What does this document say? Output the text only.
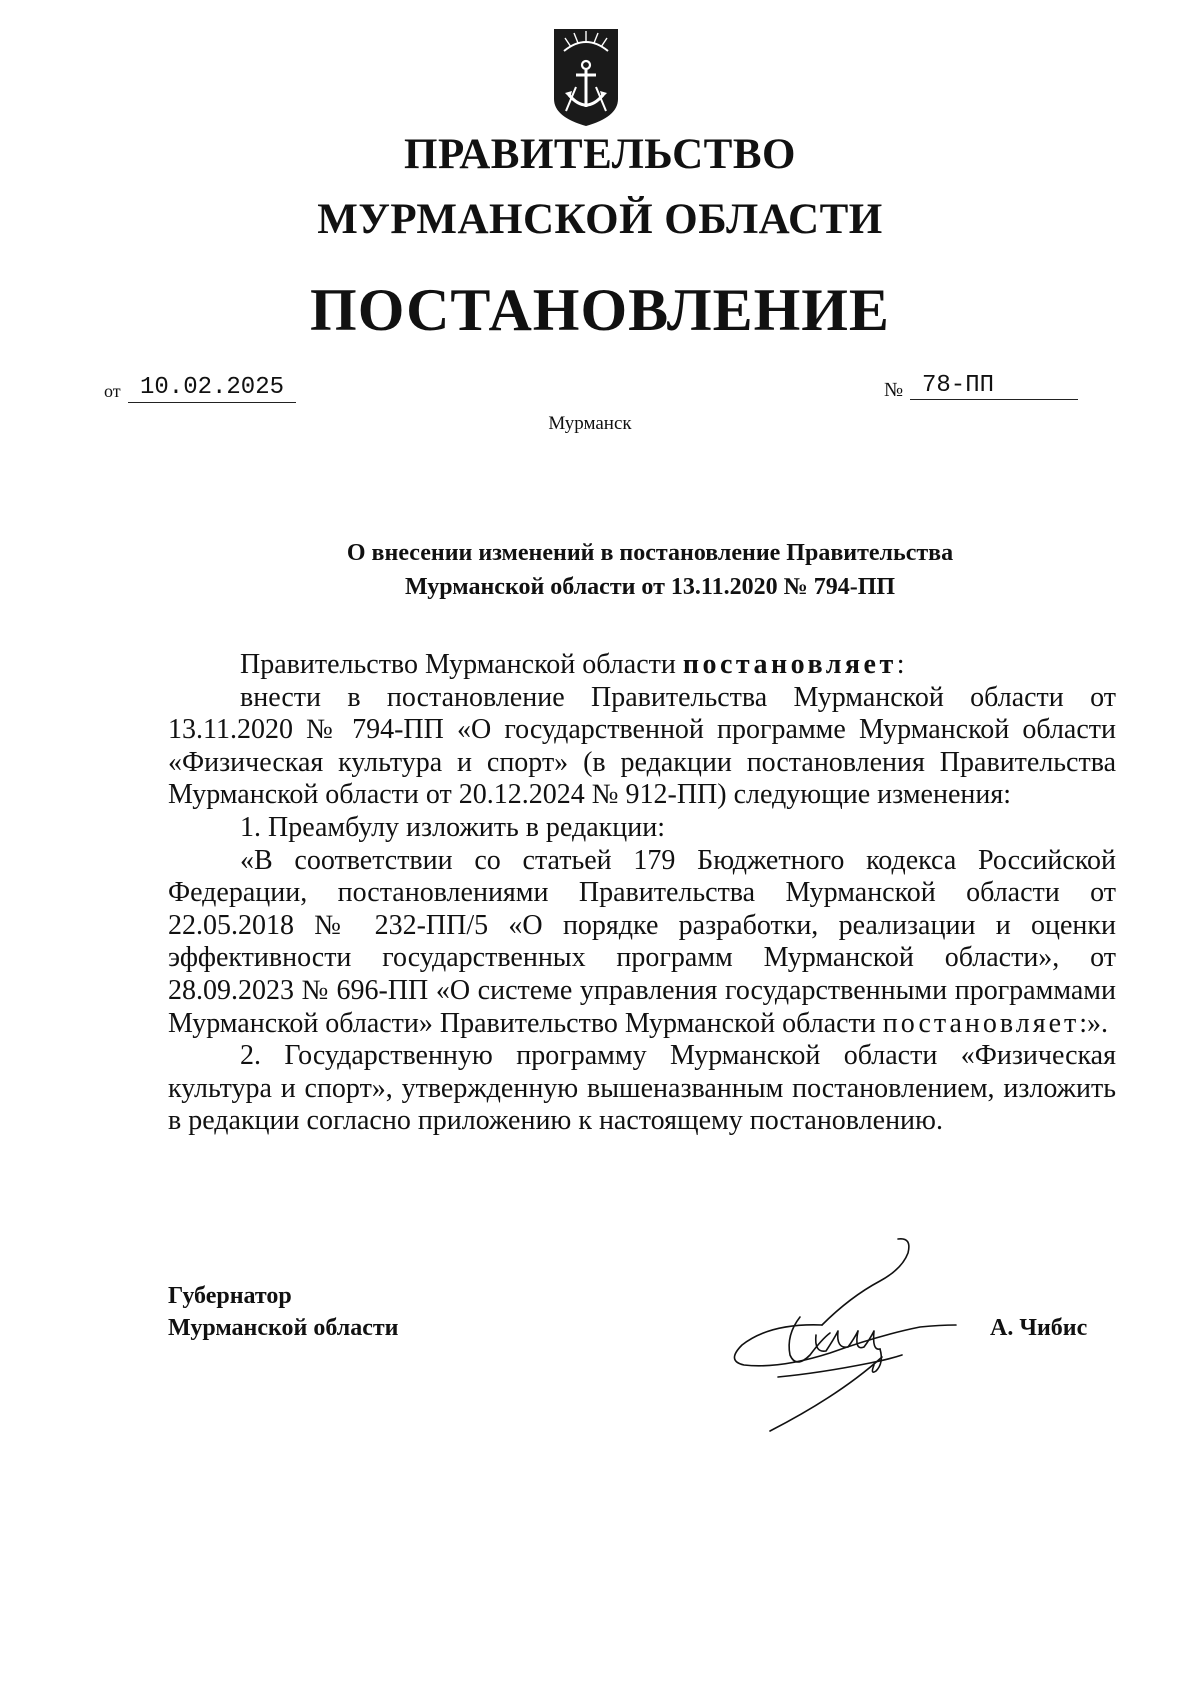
ПРАВИТЕЛЬСТВО
МУРМАНСКОЙ ОБЛАСТИ
ПОСТАНОВЛЕНИЕ
от 10.02.2025	№ 78-ПП
Мурманск

О внесении изменений в постановление Правительства
Мурманской области от 13.11.2020 № 794-ПП

Правительство Мурманской области постановляет:

внести в постановление Правительства Мурманской области от 13.11.2020 № 794-ПП «О государственной программе Мурманской области «Физическая культура и спорт» (в редакции постановления Правительства Мурманской области от 20.12.2024 № 912-ПП) следующие изменения:

1. Преамбулу изложить в редакции:

«В соответствии со статьей 179 Бюджетного кодекса Российской Федерации, постановлениями Правительства Мурманской области от 22.05.2018 № 232-ПП/5 «О порядке разработки, реализации и оценки эффективности государственных программ Мурманской области», от 28.09.2023 № 696-ПП «О системе управления государственными программами Мурманской области» Правительство Мурманской области постановляет:».

2. Государственную программу Мурманской области «Физическая культура и спорт», утвержденную вышеназванным постановлением, изложить в редакции согласно приложению к настоящему постановлению.

Губернатор
Мурманской области	А. Чибис
